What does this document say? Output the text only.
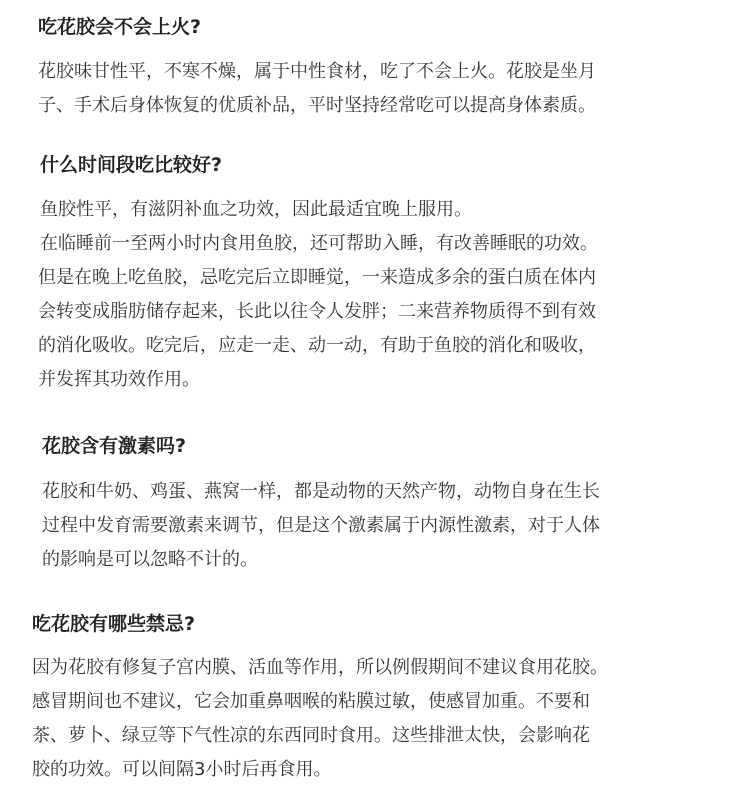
吃花胶会不会上火?

花胶味甘性平，不寒不燥，属于中性食材，吃了不会上火。花胶是坐月

子、手术后身体恢复的优质补品，平时坚持经常吃可以提高身体素质。

什么时间段吃比较好?

鱼胶性平，有滋阴补血之功效，因此最适宜晚上服用。

在临睡前一至两小时内食用鱼胶，还可帮助入睡，有改善睡眠的功效。

但是在晚上吃鱼胶，忌吃完后立即睡觉，一来造成多余的蛋白质在体内

会转变成脂肪储存起来，长此以往令人发胖；二来营养物质得不到有效

的消化吸收。吃完后，应走一走、动一动，有助于鱼胶的消化和吸收，

并发挥其功效作用。

花胶含有激素吗?

花胶和牛奶、鸡蛋、燕窝一样，都是动物的天然产物，动物自身在生长

过程中发育需要激素来调节，但是这个激素属于内源性激素，对于人体

的影响是可以忽略不计的。

吃花胶有哪些禁忌?

因为花胶有修复子宫内膜、活血等作用，所以例假期间不建议食用花胶。

感冒期间也不建议，它会加重鼻咽喉的粘膜过敏，使感冒加重。不要和

茶、萝卜、绿豆等下气性凉的东西同时食用。这些排泄太快，会影响花

胶的功效。可以间隔3小时后再食用。
